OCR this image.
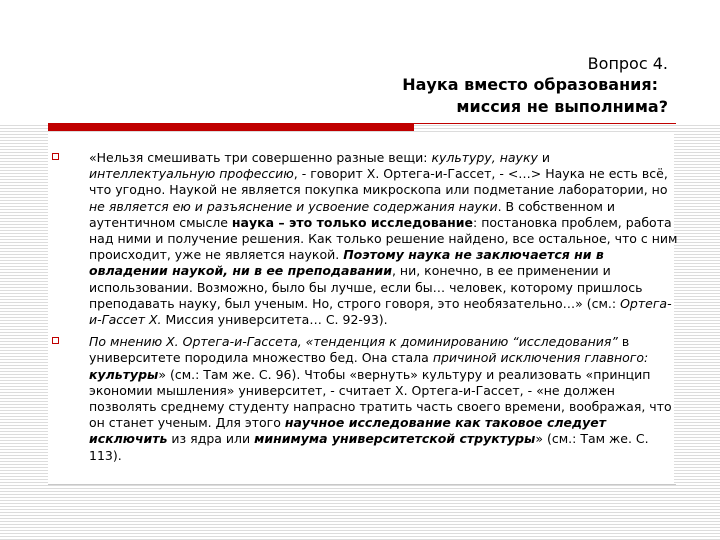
Вопрос 4.
Наука вместо образования:
миссия не выполнима?
«Нельзя смешивать три совершенно разные вещи: культуру, науку и интеллектуальную профессию, - говорит Х. Ортега-и-Гассет, - <…> Наука не есть всё, что угодно. Наукой не является покупка микроскопа или подметание лаборатории, но не является ею и разъяснение и усвоение содержания науки. В собственном и аутентичном смысле наука – это только исследование: постановка проблем, работа над ними и получение решения. Как только решение найдено, все остальное, что с ним происходит, уже не является наукой. Поэтому наука не заключается ни в овладении наукой, ни в ее преподавании, ни, конечно, в ее применении и использовании. Возможно, было бы лучше, если бы… человек, которому пришлось преподавать науку, был ученым. Но, строго говоря, это необязательно…» (см.: Ортега-и-Гассет Х. Миссия университета… С. 92-93).
По мнению Х. Ортега-и-Гассета, «тенденция к доминированию “исследования” в университете породила множество бед. Она стала причиной исключения главного: культуры» (см.: Там же. С. 96). Чтобы «вернуть» культуру и реализовать «принцип экономии мышления» университет, - считает Х. Ортега-и-Гассет, - «не должен позволять среднему студенту напрасно тратить часть своего времени, воображая, что он станет ученым. Для этого научное исследование как таковое следует исключить из ядра или минимума университетской структуры» (см.: Там же. С. 113).
